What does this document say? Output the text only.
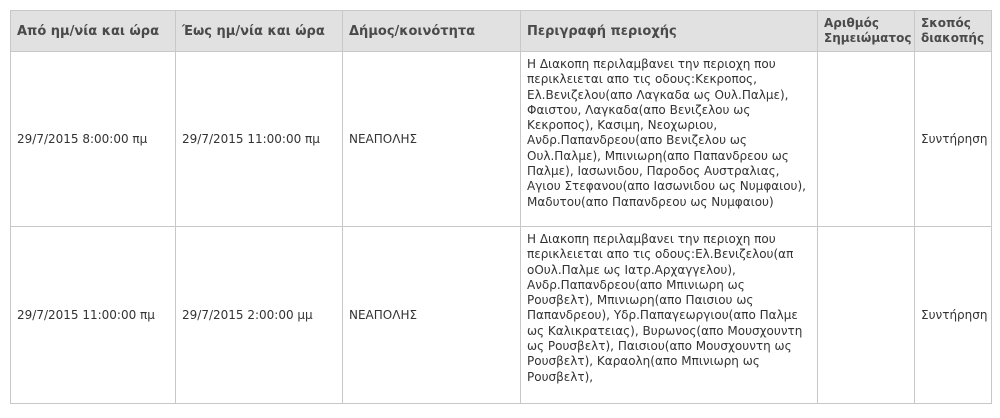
Από ημ/νία και ώρα	Έως ημ/νία και ώρα	Δήμος/κοινότητα	Περιγραφή περιοχής	Αριθμός Σημειώματος	Σκοπός διακοπής
29/7/2015 8:00:00 πμ	29/7/2015 11:00:00 πμ	ΝΕΑΠΟΛΗΣ	Η Διακοπη περιλαμβανει την περιοχη που περικλειεται απο τις οδους:Κεκροπος, Ελ.Βενιζελου(απο Λαγκαδα ως Ουλ.Παλμε), Φαιστου, Λαγκαδα(απο Βενιζελου ως Κεκροπος), Κασιμη, Νεοχωριου, Ανδρ.Παπανδρεου(απο Βενιζελου ως Ουλ.Παλμε), Μπινιωρη(απο Παπανδρεου ως Παλμε), Ιασωνιδου, Παροδος Αυστραλιας, Αγιου Στεφανου(απο Ιασωνιδου ως Νυμφαιου), Μαδυτου(απο Παπανδρεου ως Νυμφαιου)		Συντήρηση
29/7/2015 11:00:00 πμ	29/7/2015 2:00:00 μμ	ΝΕΑΠΟΛΗΣ	Η Διακοπη περιλαμβανει την περιοχη που περικλειεται απο τις οδους:Ελ.Βενιζελου(απ οΟυλ.Παλμε ως Ιατρ.Αρχαγγελου), Ανδρ.Παπανδρεου(απο Μπινιωρη ως Ρουσβελτ), Μπινιωρη(απο Παισιου ως Παπανδρεου), Υδρ.Παπαγεωργιου(απο Παλμε ως Καλικρατειας), Βυρωνος(απο Μουσχουντη ως Ρουσβελτ), Παισιου(απο Μουσχουντη ως Ρουσβελτ), Καραολη(απο Μπινιωρη ως Ρουσβελτ),		Συντήρηση
